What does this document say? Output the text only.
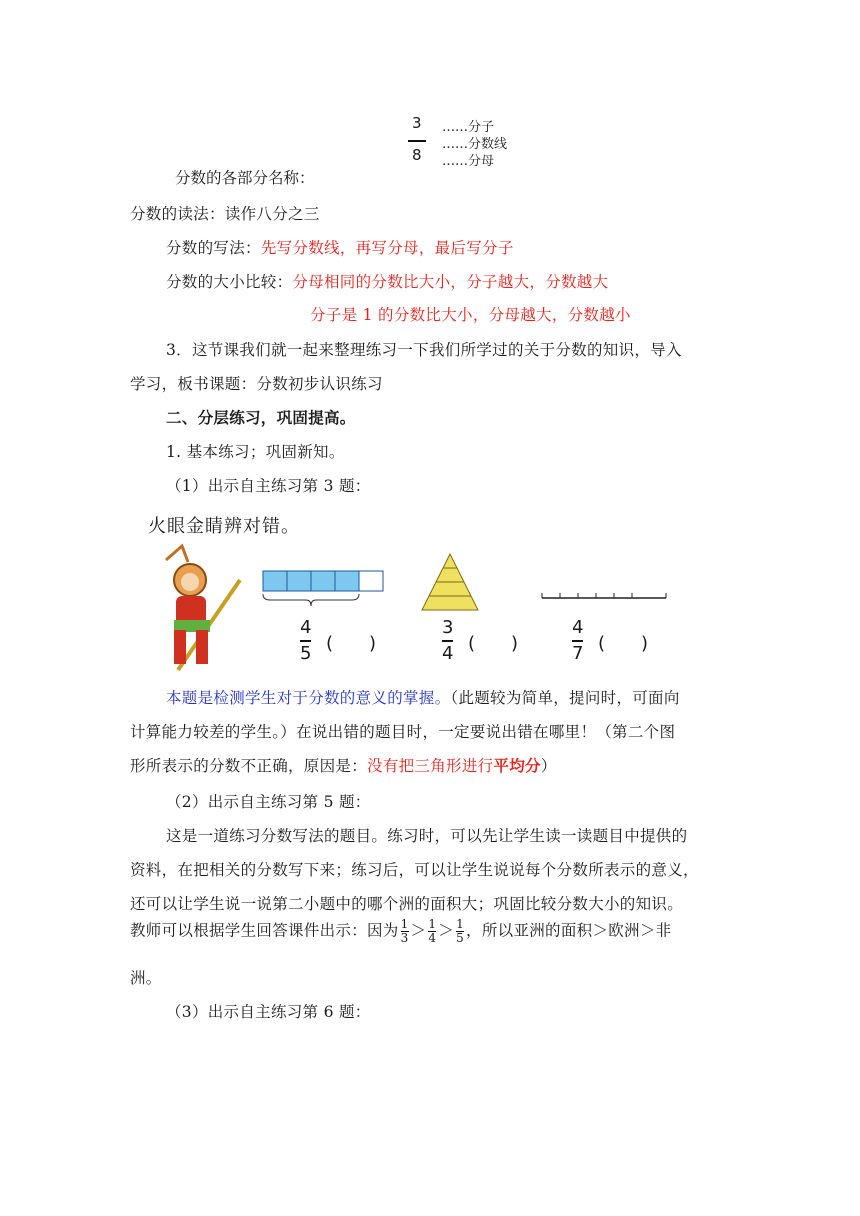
3
8
……分子
……分数线
……分母
分数的各部分名称：
分数的读法：读作八分之三
分数的写法：先写分数线，再写分母，最后写分子
分数的大小比较：分母相同的分数比大小，分子越大，分数越大
分子是 1 的分数比大小，分母越大，分数越小
3．这节课我们就一起来整理练习一下我们所学过的关于分数的知识，导入
学习，板书课题：分数初步认识练习
二、分层练习，巩固提高。
1. 基本练习；巩固新知。
（1）出示自主练习第 3 题：
火眼金睛辨对错。
4
5 (　　)
3
4 (　　)
4
7 (　　)
本题是检测学生对于分数的意义的掌握。（此题较为简单，提问时，可面向
计算能力较差的学生。）在说出错的题目时，一定要说出错在哪里！（第二个图
形所表示的分数不正确，原因是：没有把三角形进行平均分）
（2）出示自主练习第 5 题：
这是一道练习分数写法的题目。练习时，可以先让学生读一读题目中提供的
资料，在把相关的分数写下来；练习后，可以让学生说说每个分数所表示的意义，
还可以让学生说一说第二小题中的哪个洲的面积大；巩固比较分数大小的知识。
教师可以根据学生回答课件出示：因为 $\frac{1}{3} > \frac{1}{4} > \frac{1}{5}$ ，所以亚洲的面积＞欧洲＞非
洲。
（3）出示自主练习第 6 题：
